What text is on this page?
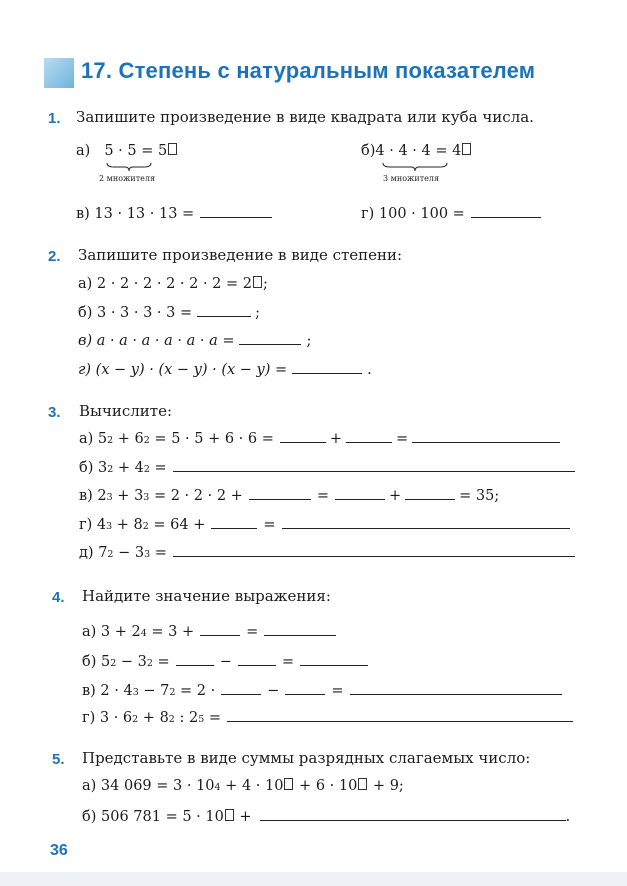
17. Степень с натуральным показателем
1. Запишите произведение в виде квадрата или куба числа.
а) 5 · 5 = 5
2 множителя
б) 4 · 4 · 4 = 4
3 множителя
в) 13 · 13 · 13 =	г) 100 · 100 =
2. Запишите произведение в виде степени:
а) 2 · 2 · 2 · 2 · 2 · 2 = 2 ;
б) 3 · 3 · 3 · 3 =	;
в) a · a · a · a · a · a =	;
г) (x − y) · (x − y) · (x − y) =	.
3. Вычислите:
а) 5 2 + 6 2 = 5 · 5 + 6 · 6 =	+	=
б) 3 2 + 4 2 =
в) 2 3 + 3 3 = 2 · 2 · 2 +	=	+	= 35;
г) 4 3 + 8 2 = 64 +	=
д) 7 2 − 3 3 =
4. Найдите значение выражения:
а) 3 + 2 4 = 3 +	=
б) 5 2 − 3 2 =	−	=
в) 2 · 4 3 − 7 2 = 2 ·	−	=
г) 3 · 6 2 + 8 2 : 2 5 =
5. Представьте в виде суммы разрядных слагаемых число:
а) 34 069 = 3 · 10 4 + 4 · 10 + 6 · 10 + 9;
б) 506 781 = 5 · 10 +	.
36
